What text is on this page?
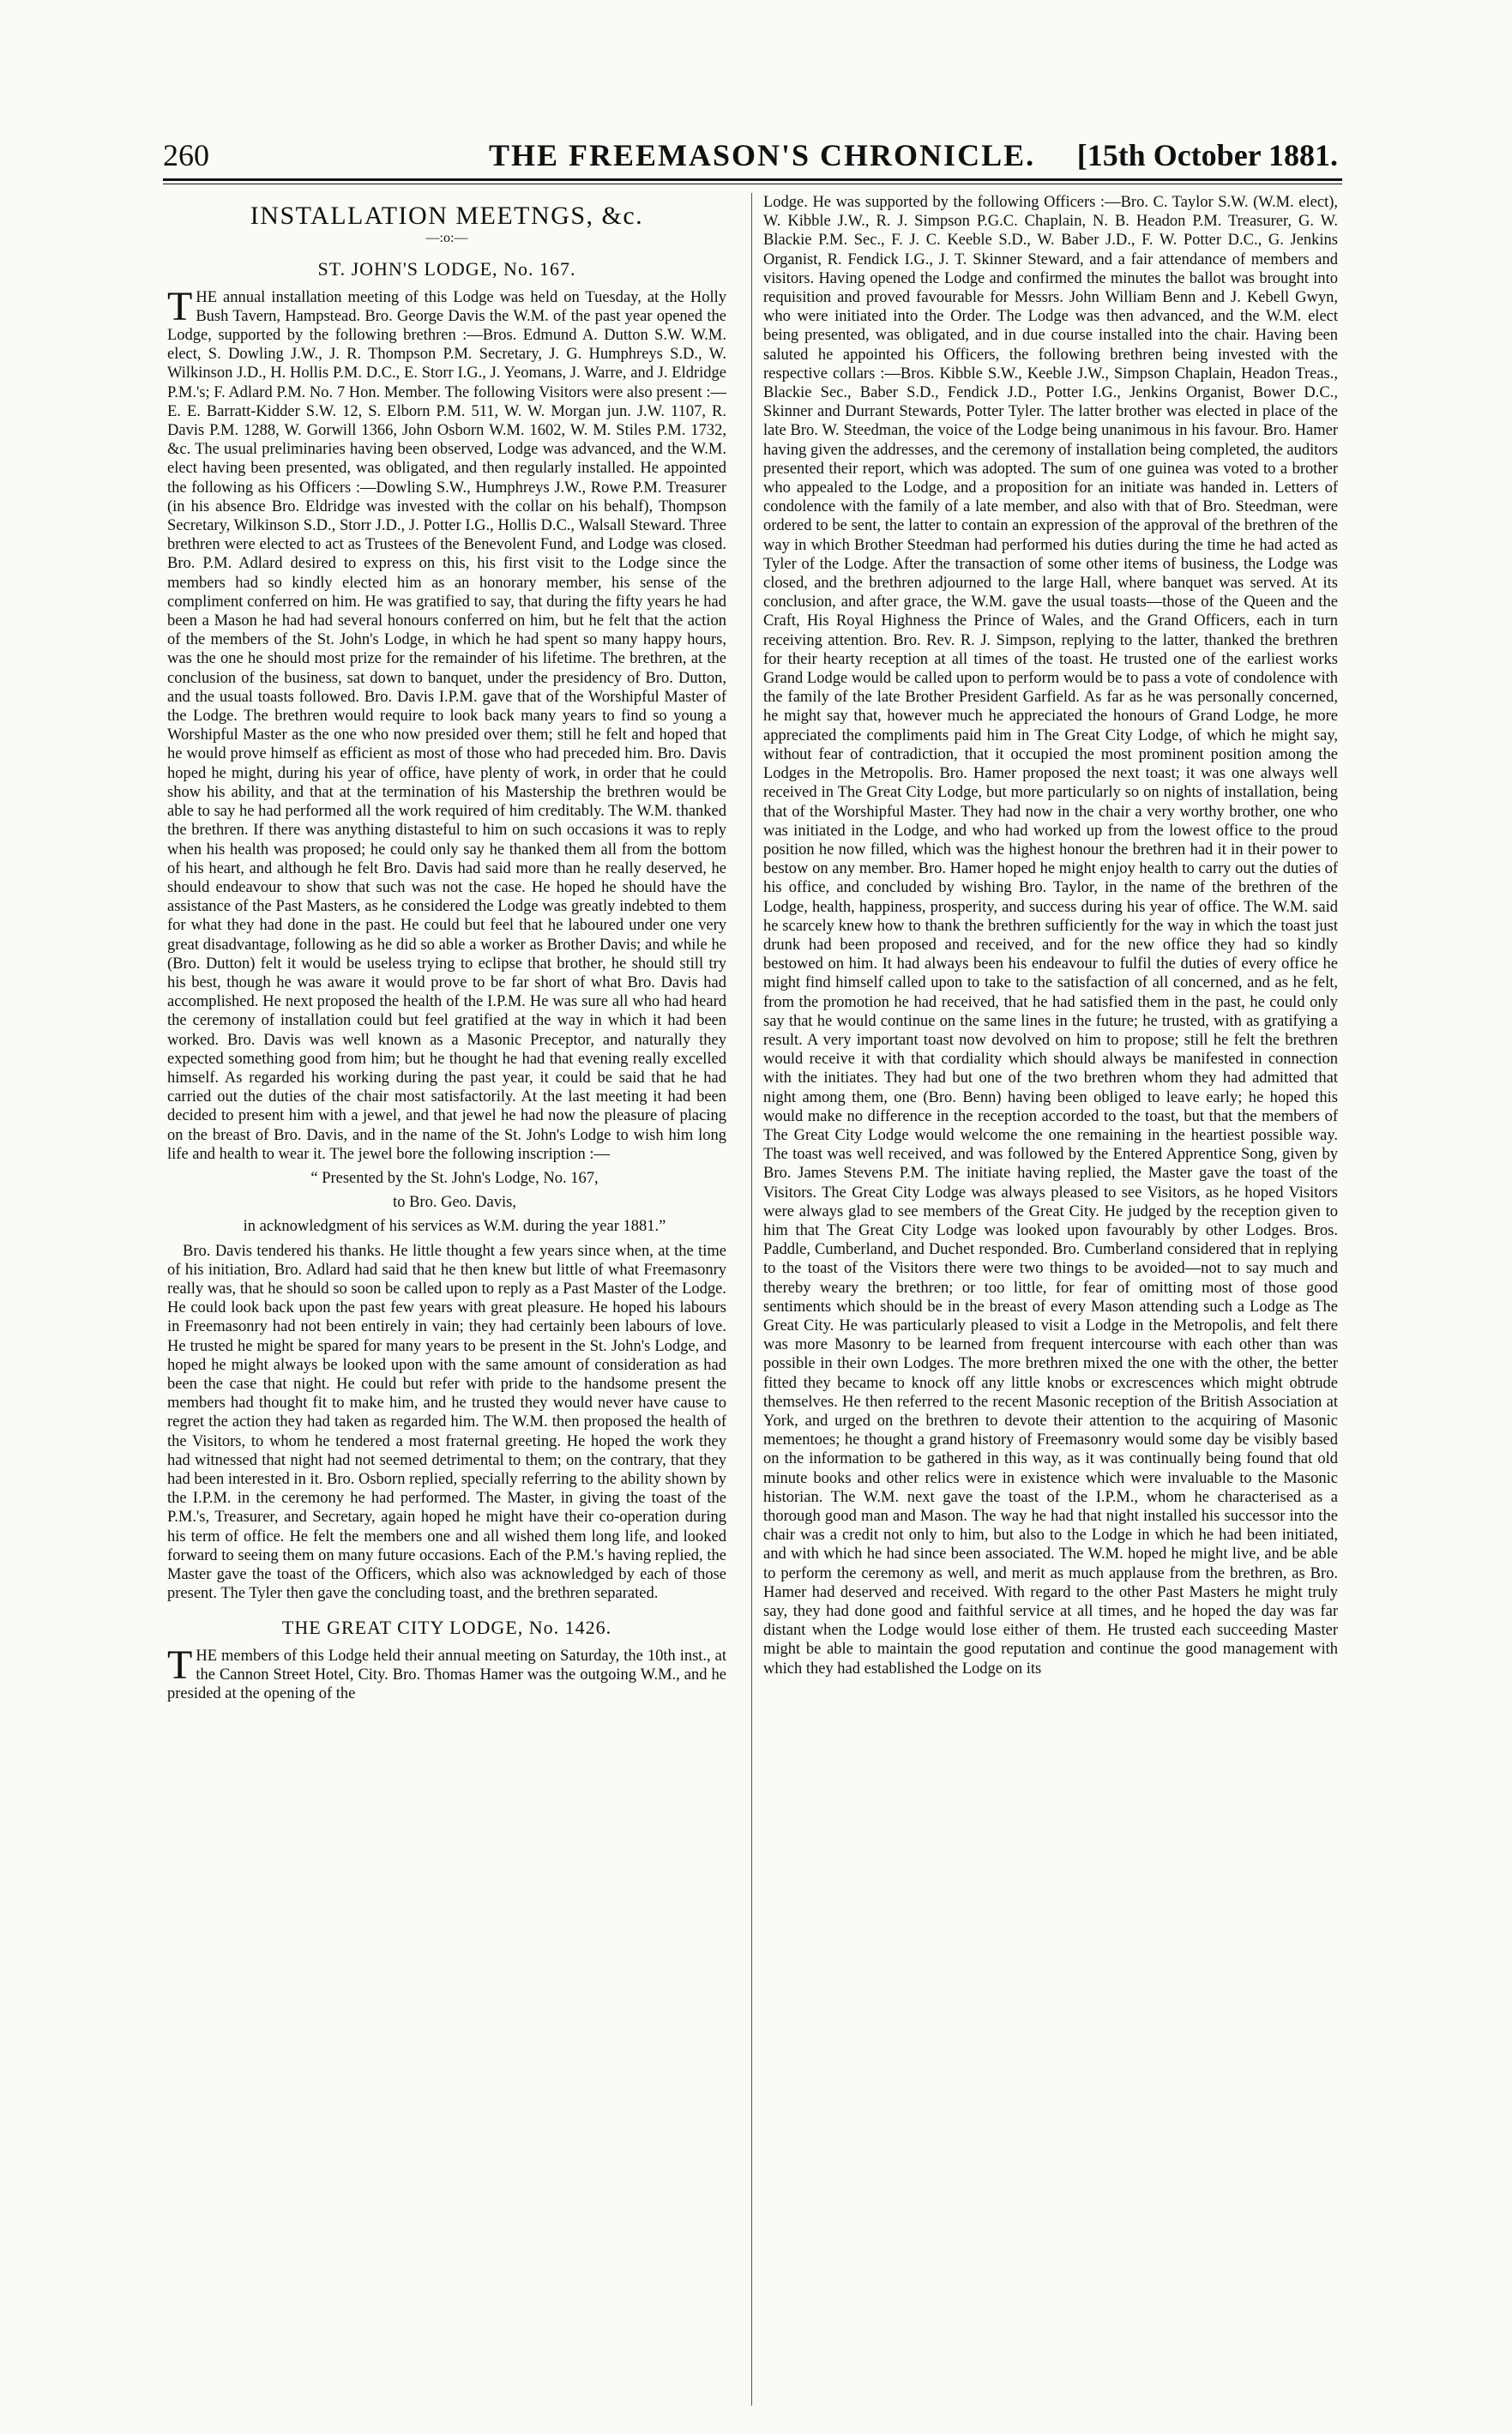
260	THE FREEMASON'S CHRONICLE. [15th October 1881.
INSTALLATION MEETNGS, &c.
—:o:—
ST. JOHN'S LODGE, No. 167.

THE annual installation meeting of this Lodge was held on Tuesday, at the Holly Bush Tavern, Hampstead. Bro. George Davis the W.M. of the past year opened the Lodge, supported by the following brethren :—Bros. Edmund A. Dutton S.W. W.M. elect, S. Dowling J.W., J. R. Thompson P.M. Secretary, J. G. Humphreys S.D., W. Wilkinson J.D., H. Hollis P.M. D.C., E. Storr I.G., J. Yeomans, J. Warre, and J. Eldridge P.M.'s; F. Adlard P.M. No. 7 Hon. Member. The following Visitors were also present :—E. E. Barratt-Kidder S.W. 12, S. Elborn P.M. 511, W. W. Morgan jun. J.W. 1107, R. Davis P.M. 1288, W. Gorwill 1366, John Osborn W.M. 1602, W. M. Stiles P.M. 1732, &c. The usual preliminaries having been observed, Lodge was advanced, and the W.M. elect having been presented, was obligated, and then regularly installed. He appointed the following as his Officers :—Dowling S.W., Humphreys J.W., Rowe P.M. Treasurer (in his absence Bro. Eldridge was invested with the collar on his behalf), Thompson Secretary, Wilkinson S.D., Storr J.D., J. Potter I.G., Hollis D.C., Walsall Steward. Three brethren were elected to act as Trustees of the Benevolent Fund, and Lodge was closed. Bro. P.M. Adlard desired to express on this, his first visit to the Lodge since the members had so kindly elected him as an honorary member, his sense of the compliment conferred on him. He was gratified to say, that during the fifty years he had been a Mason he had had several honours conferred on him, but he felt that the action of the members of the St. John's Lodge, in which he had spent so many happy hours, was the one he should most prize for the remainder of his lifetime. The brethren, at the conclusion of the business, sat down to banquet, under the presidency of Bro. Dutton, and the usual toasts followed. Bro. Davis I.P.M. gave that of the Worshipful Master of the Lodge. The brethren would require to look back many years to find so young a Worshipful Master as the one who now presided over them; still he felt and hoped that he would prove himself as efficient as most of those who had preceded him. Bro. Davis hoped he might, during his year of office, have plenty of work, in order that he could show his ability, and that at the termination of his Mastership the brethren would be able to say he had performed all the work required of him creditably. The W.M. thanked the brethren. If there was anything distasteful to him on such occasions it was to reply when his health was proposed; he could only say he thanked them all from the bottom of his heart, and although he felt Bro. Davis had said more than he really deserved, he should endeavour to show that such was not the case. He hoped he should have the assistance of the Past Masters, as he considered the Lodge was greatly indebted to them for what they had done in the past. He could but feel that he laboured under one very great disadvantage, following as he did so able a worker as Brother Davis; and while he (Bro. Dutton) felt it would be useless trying to eclipse that brother, he should still try his best, though he was aware it would prove to be far short of what Bro. Davis had accomplished. He next proposed the health of the I.P.M. He was sure all who had heard the ceremony of installation could but feel gratified at the way in which it had been worked. Bro. Davis was well known as a Masonic Preceptor, and naturally they expected something good from him; but he thought he had that evening really excelled himself. As regarded his working during the past year, it could be said that he had carried out the duties of the chair most satisfactorily. At the last meeting it had been decided to present him with a jewel, and that jewel he had now the pleasure of placing on the breast of Bro. Davis, and in the name of the St. John's Lodge to wish him long life and health to wear it. The jewel bore the following inscription :—

“ Presented by the St. John's Lodge, No. 167,

to Bro. Geo. Davis,

in acknowledgment of his services as W.M. during the year 1881.”

Bro. Davis tendered his thanks. He little thought a few years since when, at the time of his initiation, Bro. Adlard had said that he then knew but little of what Freemasonry really was, that he should so soon be called upon to reply as a Past Master of the Lodge. He could look back upon the past few years with great pleasure. He hoped his labours in Freemasonry had not been entirely in vain; they had certainly been labours of love. He trusted he might be spared for many years to be present in the St. John's Lodge, and hoped he might always be looked upon with the same amount of consideration as had been the case that night. He could but refer with pride to the handsome present the members had thought fit to make him, and he trusted they would never have cause to regret the action they had taken as regarded him. The W.M. then proposed the health of the Visitors, to whom he tendered a most fraternal greeting. He hoped the work they had witnessed that night had not seemed detrimental to them; on the contrary, that they had been interested in it. Bro. Osborn replied, specially referring to the ability shown by the I.P.M. in the ceremony he had performed. The Master, in giving the toast of the P.M.'s, Treasurer, and Secretary, again hoped he might have their co-operation during his term of office. He felt the members one and all wished them long life, and looked forward to seeing them on many future occasions. Each of the P.M.'s having replied, the Master gave the toast of the Officers, which also was acknowledged by each of those present. The Tyler then gave the concluding toast, and the brethren separated.

THE GREAT CITY LODGE, No. 1426.

THE members of this Lodge held their annual meeting on Saturday, the 10th inst., at the Cannon Street Hotel, City. Bro. Thomas Hamer was the outgoing W.M., and he presided at the opening of the

Lodge. He was supported by the following Officers :—Bro. C. Taylor S.W. (W.M. elect), W. Kibble J.W., R. J. Simpson P.G.C. Chaplain, N. B. Headon P.M. Treasurer, G. W. Blackie P.M. Sec., F. J. C. Keeble S.D., W. Baber J.D., F. W. Potter D.C., G. Jenkins Organist, R. Fendick I.G., J. T. Skinner Steward, and a fair attendance of members and visitors. Having opened the Lodge and confirmed the minutes the ballot was brought into requisition and proved favourable for Messrs. John William Benn and J. Kebell Gwyn, who were initiated into the Order. The Lodge was then advanced, and the W.M. elect being presented, was obligated, and in due course installed into the chair. Having been saluted he appointed his Officers, the following brethren being invested with the respective collars :—Bros. Kibble S.W., Keeble J.W., Simpson Chaplain, Headon Treas., Blackie Sec., Baber S.D., Fendick J.D., Potter I.G., Jenkins Organist, Bower D.C., Skinner and Durrant Stewards, Potter Tyler. The latter brother was elected in place of the late Bro. W. Steedman, the voice of the Lodge being unanimous in his favour. Bro. Hamer having given the addresses, and the ceremony of installation being completed, the auditors presented their report, which was adopted. The sum of one guinea was voted to a brother who appealed to the Lodge, and a proposition for an initiate was handed in. Letters of condolence with the family of a late member, and also with that of Bro. Steedman, were ordered to be sent, the latter to contain an expression of the approval of the brethren of the way in which Brother Steedman had performed his duties during the time he had acted as Tyler of the Lodge. After the transaction of some other items of business, the Lodge was closed, and the brethren adjourned to the large Hall, where banquet was served. At its conclusion, and after grace, the W.M. gave the usual toasts—those of the Queen and the Craft, His Royal Highness the Prince of Wales, and the Grand Officers, each in turn receiving attention. Bro. Rev. R. J. Simpson, replying to the latter, thanked the brethren for their hearty reception at all times of the toast. He trusted one of the earliest works Grand Lodge would be called upon to perform would be to pass a vote of condolence with the family of the late Brother President Garfield. As far as he was personally concerned, he might say that, however much he appreciated the honours of Grand Lodge, he more appreciated the compliments paid him in The Great City Lodge, of which he might say, without fear of contradiction, that it occupied the most prominent position among the Lodges in the Metropolis. Bro. Hamer proposed the next toast; it was one always well received in The Great City Lodge, but more particularly so on nights of installation, being that of the Worshipful Master. They had now in the chair a very worthy brother, one who was initiated in the Lodge, and who had worked up from the lowest office to the proud position he now filled, which was the highest honour the brethren had it in their power to bestow on any member. Bro. Hamer hoped he might enjoy health to carry out the duties of his office, and concluded by wishing Bro. Taylor, in the name of the brethren of the Lodge, health, happiness, prosperity, and success during his year of office. The W.M. said he scarcely knew how to thank the brethren sufficiently for the way in which the toast just drunk had been proposed and received, and for the new office they had so kindly bestowed on him. It had always been his endeavour to fulfil the duties of every office he might find himself called upon to take to the satisfaction of all concerned, and as he felt, from the promotion he had received, that he had satisfied them in the past, he could only say that he would continue on the same lines in the future; he trusted, with as gratifying a result. A very important toast now devolved on him to propose; still he felt the brethren would receive it with that cordiality which should always be manifested in connection with the initiates. They had but one of the two brethren whom they had admitted that night among them, one (Bro. Benn) having been obliged to leave early; he hoped this would make no difference in the reception accorded to the toast, but that the members of The Great City Lodge would welcome the one remaining in the heartiest possible way. The toast was well received, and was followed by the Entered Apprentice Song, given by Bro. James Stevens P.M. The initiate having replied, the Master gave the toast of the Visitors. The Great City Lodge was always pleased to see Visitors, as he hoped Visitors were always glad to see members of the Great City. He judged by the reception given to him that The Great City Lodge was looked upon favourably by other Lodges. Bros. Paddle, Cumberland, and Duchet responded. Bro. Cumberland considered that in replying to the toast of the Visitors there were two things to be avoided—not to say much and thereby weary the brethren; or too little, for fear of omitting most of those good sentiments which should be in the breast of every Mason attending such a Lodge as The Great City. He was particularly pleased to visit a Lodge in the Metropolis, and felt there was more Masonry to be learned from frequent intercourse with each other than was possible in their own Lodges. The more brethren mixed the one with the other, the better fitted they became to knock off any little knobs or excrescences which might obtrude themselves. He then referred to the recent Masonic reception of the British Association at York, and urged on the brethren to devote their attention to the acquiring of Masonic mementoes; he thought a grand history of Freemasonry would some day be visibly based on the information to be gathered in this way, as it was continually being found that old minute books and other relics were in existence which were invaluable to the Masonic historian. The W.M. next gave the toast of the I.P.M., whom he characterised as a thorough good man and Mason. The way he had that night installed his successor into the chair was a credit not only to him, but also to the Lodge in which he had been initiated, and with which he had since been associated. The W.M. hoped he might live, and be able to perform the ceremony as well, and merit as much applause from the brethren, as Bro. Hamer had deserved and received. With regard to the other Past Masters he might truly say, they had done good and faithful service at all times, and he hoped the day was far distant when the Lodge would lose either of them. He trusted each succeeding Master might be able to maintain the good reputation and continue the good management with which they had established the Lodge on its
